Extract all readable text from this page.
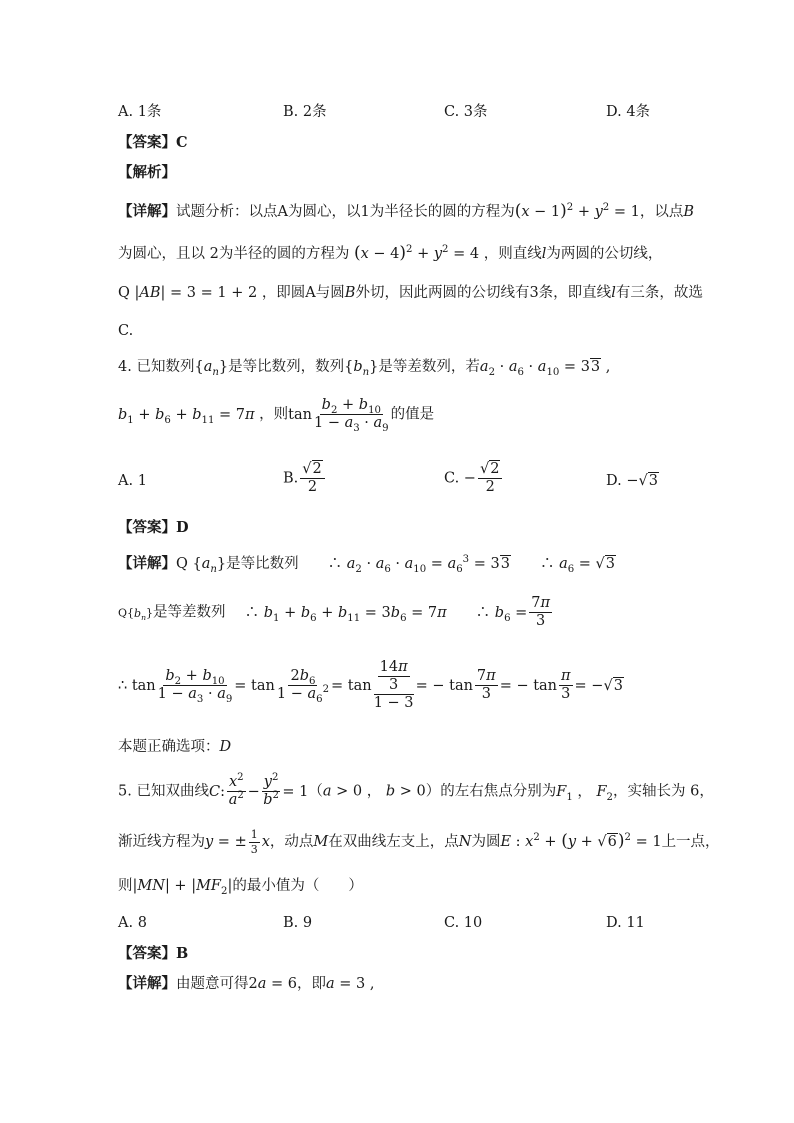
A. 1条	B. 2条	C. 3条	D. 4条
【答案】C
【解析】
【详解】试题分析：以点A为圆心，以1为半径长的圆的方程为$(x - 1)^2 + y^2 = 1$，以点B
为圆心，且以 2为半径的圆的方程为 $(x - 4)^2 + y^2 = 4$ ，则直线l为两圆的公切线，
Q |AB| = 3 = 1 + 2 ，即圆A与圆B外切，因此两圆的公切线有3条，即直线l有三条，故选
C.
4. 已知数列$\{a_n\}$是等比数列，数列$\{b_n\}$是等差数列，若$a_2 \cdot a_6 \cdot a_{10} = 33$ ,
$b_1 + b_6 + b_{11} = 7\pi$ ，则$\tan \frac{b_2 + b_{10}}{1 - a_3 \cdot a_9}$ 的值是
A. 1	B. $\frac{√2}{2}$	C. − $\frac{√2}{2}$	D. −√3
【答案】D
【详解】Q $\{a_n\}$是等比数列　　∴ $a_2 \cdot a_6 \cdot a_{10} = a_6^3 = 33$　　∴ $a_6 = √3$
$Q\{b_n\}$是等差数列　 ∴ $b_1 + b_6 + b_{11} = 3b_6 = 7\pi$　　∴ $b_6 = \frac{7\pi}{3}$
∴ $\tan \frac{b_2 + b_{10}}{1 - a_3 \cdot a_9} = \tan \frac{2b_6}{1 - a_6^2} = \tan \frac{\frac{14\pi}{3}}{1 - 3}$ = − $\tan \frac{7\pi}{3}$ = − $\tan \frac{\pi}{3} = -√3$
本题正确选项：D
5. 已知双曲线C: $\frac{x^2}{a^2} - \frac{y^2}{b^2} = 1(a > 0$ ， b > 0）的左右焦点分别为$F_1$ ， $F_2$，实轴长为 6，
渐近线方程为y = ± $\frac{1}{3}$ x，动点M在双曲线左支上，点N为圆E : $x^2 + (y + √6)^2 = 1$上一点，
则$|MN| + |MF_2|$的最小值为（　　）
A. 8	B. 9	C. 10	D. 11
【答案】B
【详解】由题意可得2a = 6，即a = 3 ,
